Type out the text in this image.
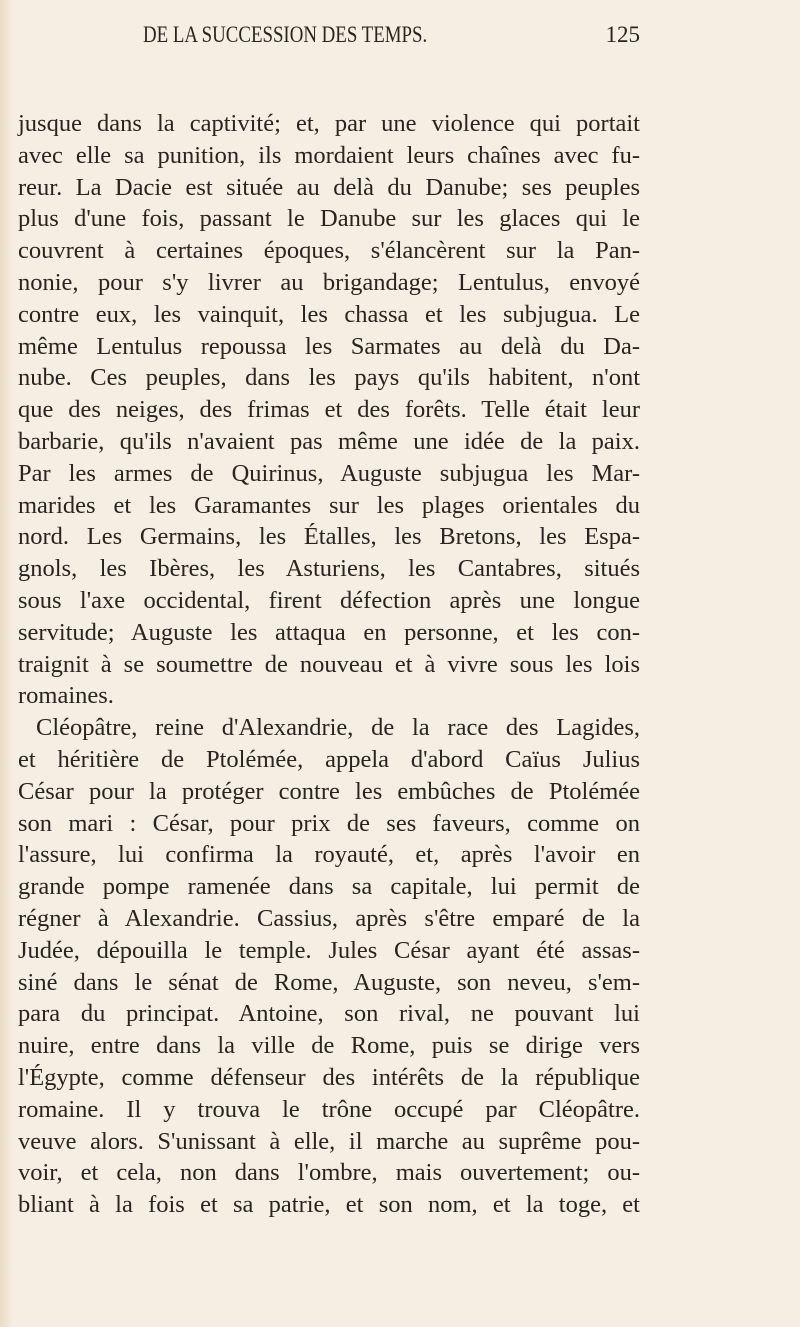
DE LA SUCCESSION DES TEMPS.	125
jusque dans la captivité; et, par une violence qui portait
avec elle sa punition, ils mordaient leurs chaînes avec fu-
reur. La Dacie est située au delà du Danube; ses peuples
plus d'une fois, passant le Danube sur les glaces qui le
couvrent à certaines époques, s'élancèrent sur la Pan-
nonie, pour s'y livrer au brigandage; Lentulus, envoyé
contre eux, les vainquit, les chassa et les subjugua. Le
même Lentulus repoussa les Sarmates au delà du Da-
nube. Ces peuples, dans les pays qu'ils habitent, n'ont
que des neiges, des frimas et des forêts. Telle était leur
barbarie, qu'ils n'avaient pas même une idée de la paix.
Par les armes de Quirinus, Auguste subjugua les Mar-
marides et les Garamantes sur les plages orientales du
nord. Les Germains, les Étalles, les Bretons, les Espa-
gnols, les Ibères, les Asturiens, les Cantabres, situés
sous l'axe occidental, firent défection après une longue
servitude; Auguste les attaqua en personne, et les con-
traignit à se soumettre de nouveau et à vivre sous les lois
romaines.
Cléopâtre, reine d'Alexandrie, de la race des Lagides,
et héritière de Ptolémée, appela d'abord Caïus Julius
César pour la protéger contre les embûches de Ptolémée
son mari : César, pour prix de ses faveurs, comme on
l'assure, lui confirma la royauté, et, après l'avoir en
grande pompe ramenée dans sa capitale, lui permit de
régner à Alexandrie. Cassius, après s'être emparé de la
Judée, dépouilla le temple. Jules César ayant été assas-
siné dans le sénat de Rome, Auguste, son neveu, s'em-
para du principat. Antoine, son rival, ne pouvant lui
nuire, entre dans la ville de Rome, puis se dirige vers
l'Égypte, comme défenseur des intérêts de la république
romaine. Il y trouva le trône occupé par Cléopâtre.
veuve alors. S'unissant à elle, il marche au suprême pou-
voir, et cela, non dans l'ombre, mais ouvertement; ou-
bliant à la fois et sa patrie, et son nom, et la toge, et
